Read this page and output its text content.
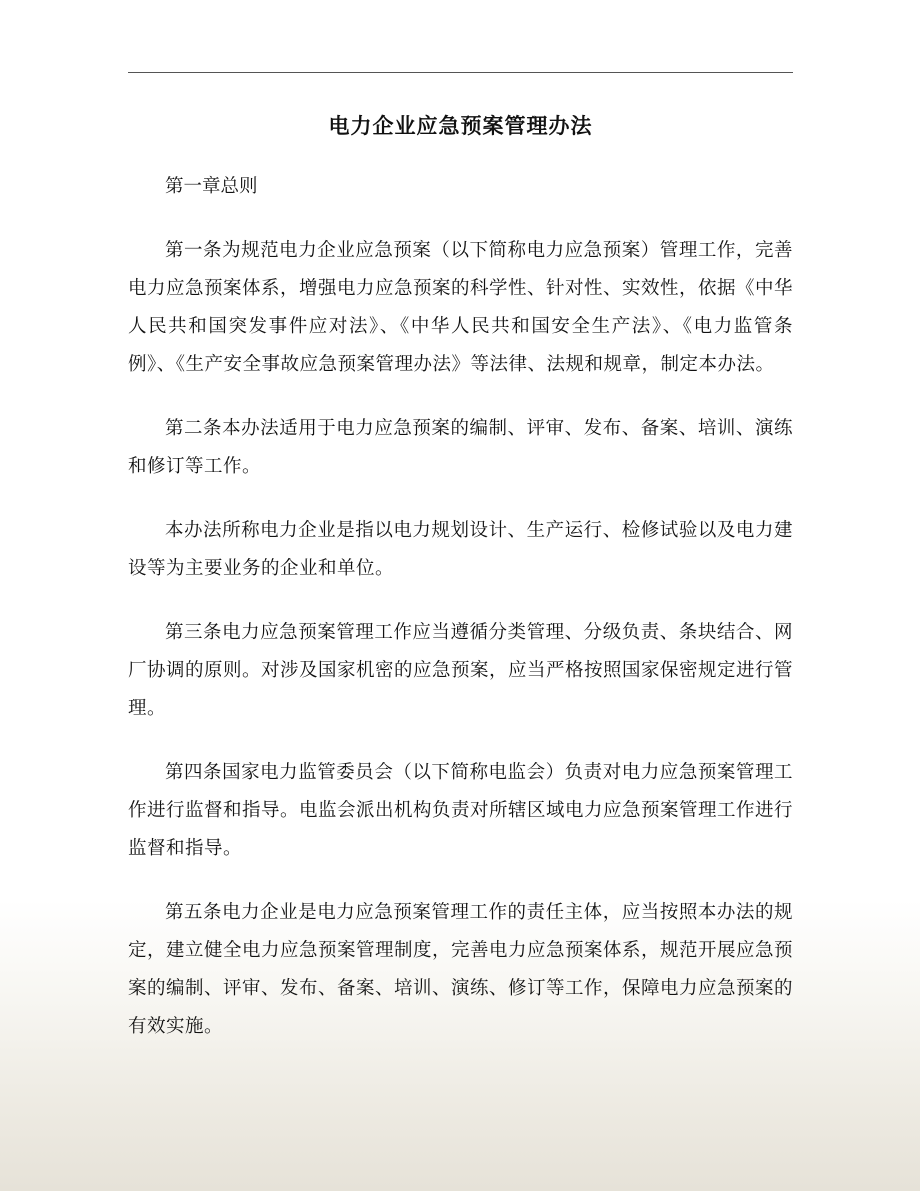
电力企业应急预案管理办法

第一章总则

第一条为规范电力企业应急预案（以下简称电力应急预案）管理工作，完善电力应急预案体系，增强电力应急预案的科学性、针对性、实效性，依据《中华人民共和国突发事件应对法》、《中华人民共和国安全生产法》、《电力监管条例》、《生产安全事故应急预案管理办法》等法律、法规和规章，制定本办法。

第二条本办法适用于电力应急预案的编制、评审、发布、备案、培训、演练和修订等工作。

本办法所称电力企业是指以电力规划设计、生产运行、检修试验以及电力建设等为主要业务的企业和单位。

第三条电力应急预案管理工作应当遵循分类管理、分级负责、条块结合、网厂协调的原则。对涉及国家机密的应急预案，应当严格按照国家保密规定进行管理。

第四条国家电力监管委员会（以下简称电监会）负责对电力应急预案管理工作进行监督和指导。电监会派出机构负责对所辖区域电力应急预案管理工作进行监督和指导。

第五条电力企业是电力应急预案管理工作的责任主体，应当按照本办法的规定，建立健全电力应急预案管理制度，完善电力应急预案体系，规范开展应急预案的编制、评审、发布、备案、培训、演练、修订等工作，保障电力应急预案的有效实施。
